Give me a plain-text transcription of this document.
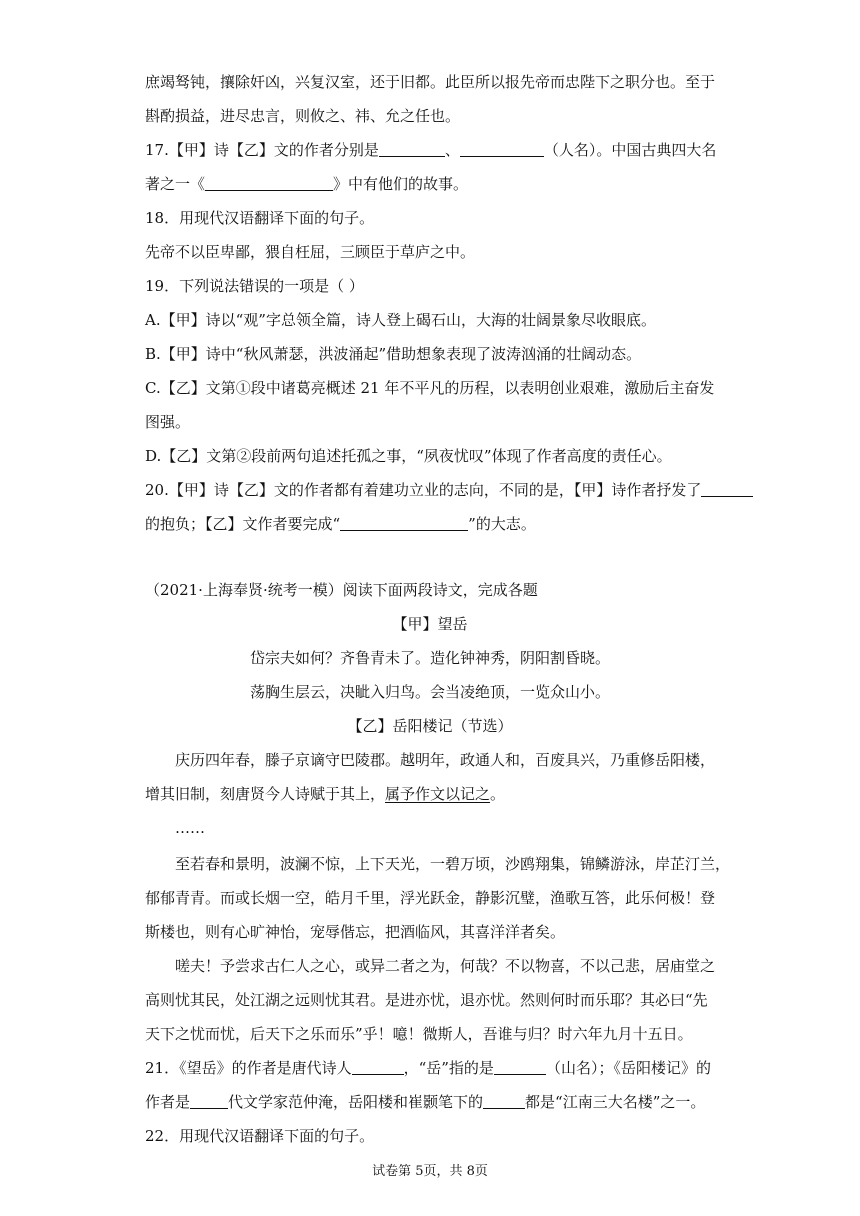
庶竭驽钝，攘除奸凶，兴复汉室，还于旧都。此臣所以报先帝而忠陛下之职分也。至于
斟酌损益，进尽忠言，则攸之、祎、允之任也。
17.【甲】诗【乙】文的作者分别是	、	（人名）。中国古典四大名
著之一《	》中有他们的故事。
18．用现代汉语翻译下面的句子。
先帝不以臣卑鄙，猥自枉屈，三顾臣于草庐之中。
19．下列说法错误的一项是（ ）
A.【甲】诗以“观”字总领全篇，诗人登上碣石山，大海的壮阔景象尽收眼底。
B.【甲】诗中“秋风萧瑟，洪波涌起”借助想象表现了波涛汹涌的壮阔动态。
C.【乙】文第①段中诸葛亮概述 21 年不平凡的历程，以表明创业艰难，激励后主奋发
图强。
D.【乙】文第②段前两句追述托孤之事，“夙夜忧叹”体现了作者高度的责任心。
20.【甲】诗【乙】文的作者都有着建功立业的志向，不同的是，【甲】诗作者抒发了
的抱负；【乙】文作者要完成“	”的大志。
（2021·上海奉贤·统考一模）阅读下面两段诗文，完成各题
【甲】望岳
岱宗夫如何？齐鲁青未了。造化钟神秀，阴阳割昏晓。
荡胸生层云，决眦入归鸟。会当凌绝顶，一览众山小。
【乙】岳阳楼记（节选）
庆历四年春，滕子京谪守巴陵郡。越明年，政通人和，百废具兴，乃重修岳阳楼，
增其旧制，刻唐贤今人诗赋于其上，属予作文以记之。
……
至若春和景明，波澜不惊，上下天光，一碧万顷，沙鸥翔集，锦鳞游泳，岸芷汀兰，
郁郁青青。而或长烟一空，皓月千里，浮光跃金，静影沉璧，渔歌互答，此乐何极！登
斯楼也，则有心旷神怡，宠辱偕忘，把酒临风，其喜洋洋者矣。
嗟夫！予尝求古仁人之心，或异二者之为，何哉？不以物喜，不以己悲，居庙堂之
高则忧其民，处江湖之远则忧其君。是进亦忧，退亦忧。然则何时而乐耶？其必曰“先
天下之忧而忧，后天下之乐而乐”乎！噫！微斯人，吾谁与归？时六年九月十五日。
21．《望岳》的作者是唐代诗人	，“岳”指的是	（山名）；《岳阳楼记》的
作者是	代文学家范仲淹，岳阳楼和崔颢笔下的	都是“江南三大名楼”之一。
22．用现代汉语翻译下面的句子。
试卷第 5页，共 8页
